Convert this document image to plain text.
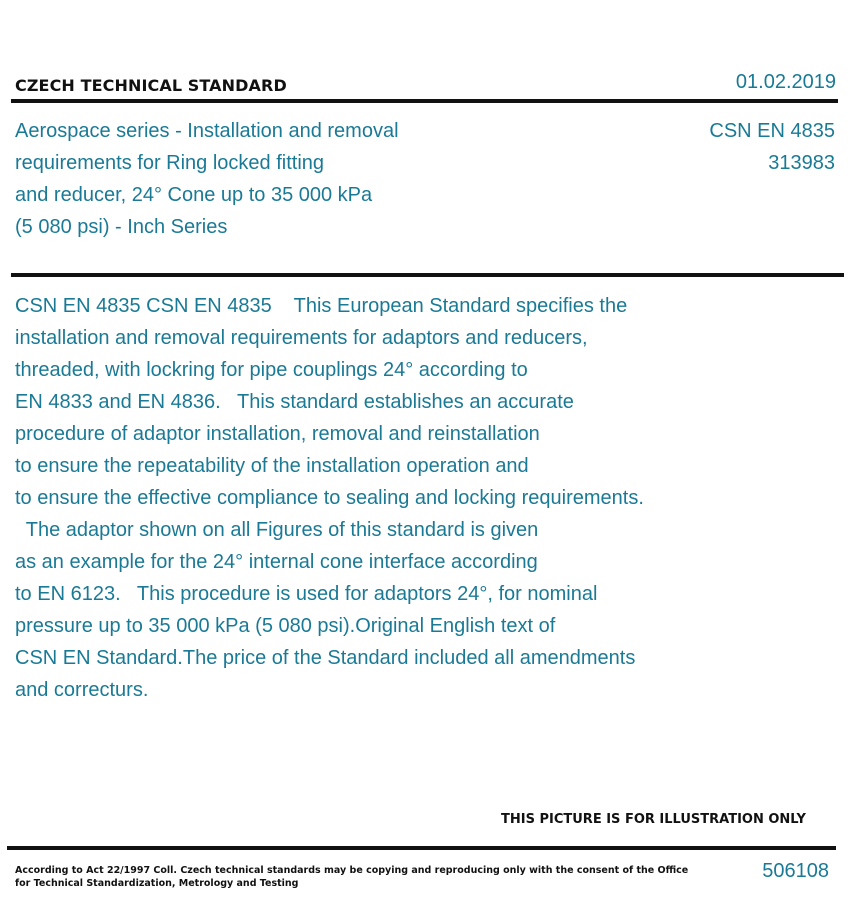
CZECH TECHNICAL STANDARD	01.02.2019
Aerospace series - Installation and removal
requirements for Ring locked fitting
and reducer, 24° Cone up to 35 000 kPa
(5 080 psi) - Inch Series
CSN EN 4835
313983
CSN EN 4835 CSN EN 4835    This European Standard specifies the
installation and removal requirements for adaptors and reducers,
threaded, with lockring for pipe couplings 24° according to
EN 4833 and EN 4836.   This standard establishes an accurate
procedure of adaptor installation, removal and reinstallation
to ensure the repeatability of the installation operation and
to ensure the effective compliance to sealing and locking requirements.
The adaptor shown on all Figures of this standard is given
as an example for the 24° internal cone interface according
to EN 6123.   This procedure is used for adaptors 24°, for nominal
pressure up to 35 000 kPa (5 080 psi).Original English text of
CSN EN Standard.The price of the Standard included all amendments
and correcturs.
THIS PICTURE IS FOR ILLUSTRATION ONLY
According to Act 22/1997 Coll. Czech technical standards may be copying and reproducing only with the consent of the Office
for Technical Standardization, Metrology and Testing
506108
